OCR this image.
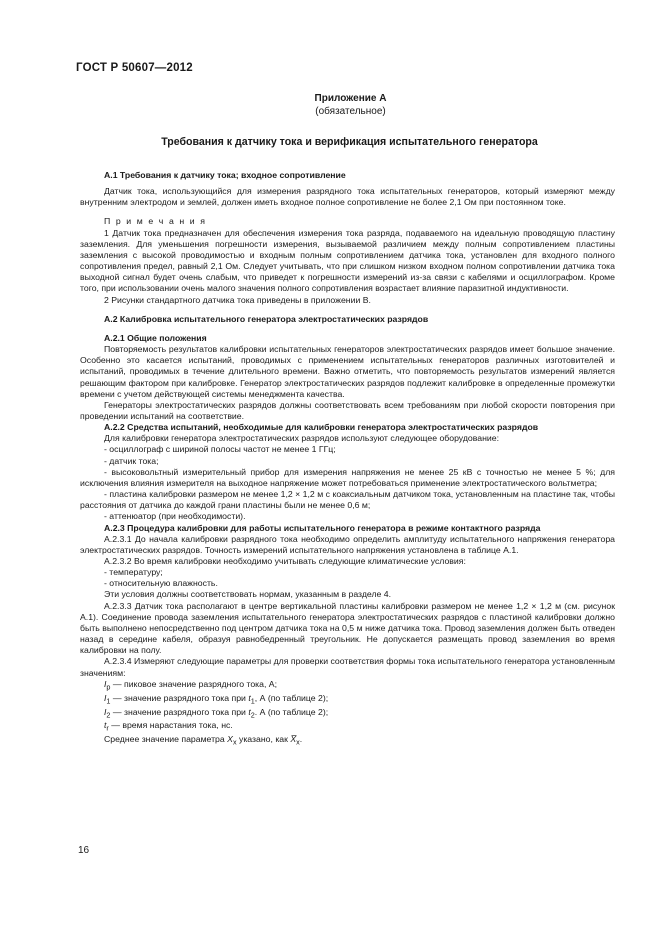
ГОСТ Р 50607—2012
Приложение А
(обязательное)
Требования к датчику тока и верификация испытательного генератора

А.1 Требования к датчику тока; входное сопротивление

Датчик тока, использующийся для измерения разрядного тока испытательных генераторов, который измеряют между внутренним электродом и землей, должен иметь входное полное сопротивление не более 2,1 Ом при постоянном токе.

П р и м е ч а н и я

1 Датчик тока предназначен для обеспечения измерения тока разряда, подаваемого на идеальную проводящую пластину заземления. Для уменьшения погрешности измерения, вызываемой различием между полным сопротивлением пластины заземления с высокой проводимостью и входным полным сопротивлением датчика тока, установлен для входного полного сопротивления предел, равный 2,1 Ом. Следует учитывать, что при слишком низком входном полном сопротивлении датчика тока выходной сигнал будет очень слабым, что приведет к погрешности измерений из-за связи с кабелями и осциллографом. Кроме того, при использовании очень малого значения полного сопротивления возрастает влияние паразитной индуктивности.

2 Рисунки стандартного датчика тока приведены в приложении В.

А.2 Калибровка испытательного генератора электростатических разрядов

А.2.1 Общие положения

Повторяемость результатов калибровки испытательных генераторов электростатических разрядов имеет большое значение. Особенно это касается испытаний, проводимых с применением испытательных генераторов различных изготовителей и испытаний, проводимых в течение длительного времени. Важно отметить, что повторяемость результатов измерений является решающим фактором при калибровке. Генератор электростатических разрядов подлежит калибровке в определенные промежутки времени с учетом действующей системы менеджмента качества.

Генераторы электростатических разрядов должны соответствовать всем требованиям при любой скорости повторения при проведении испытаний на соответствие.

А.2.2 Средства испытаний, необходимые для калибровки генератора электростатических разрядов

Для калибровки генератора электростатических разрядов используют следующее оборудование:

- осциллограф с шириной полосы частот не менее 1 ГГц;

- датчик тока;

- высоковольтный измерительный прибор для измерения напряжения не менее 25 кВ с точностью не менее 5 %; для исключения влияния измерителя на выходное напряжение может потребоваться применение электростатического вольтметра;

- пластина калибровки размером не менее 1,2 × 1,2 м с коаксиальным датчиком тока, установленным на пластине так, чтобы расстояния от датчика до каждой грани пластины были не менее 0,6 м;

- аттенюатор (при необходимости).

А.2.3 Процедура калибровки для работы испытательного генератора в режиме контактного разряда

А.2.3.1 До начала калибровки разрядного тока необходимо определить амплитуду испытательного напряжения генератора электростатических разрядов. Точность измерений испытательного напряжения установлена в таблице А.1.

А.2.3.2 Во время калибровки необходимо учитывать следующие климатические условия:

- температуру;

- относительную влажность.

Эти условия должны соответствовать нормам, указанным в разделе 4.

А.2.3.3 Датчик тока располагают в центре вертикальной пластины калибровки размером не менее 1,2 × 1,2 м (см. рисунок А.1). Соединение провода заземления испытательного генератора электростатических разрядов с пластиной калибровки должно быть выполнено непосредственно под центром датчика тока на 0,5 м ниже датчика тока. Провод заземления должен быть отведен назад в середине кабеля, образуя равнобедренный треугольник. Не допускается размещать провод заземления во время калибровки на полу.

А.2.3.4 Измеряют следующие параметры для проверки соответствия формы тока испытательного генератора установленным значениям:

$I_p$ — пиковое значение разрядного тока, А;

$I_1$ — значение разрядного тока при $t_1$, А (по таблице 2);

$I_2$ — значение разрядного тока при $t_2$. А (по таблице 2);

$t_r$ — время нарастания тока, нс.

Среднее значение параметра $X_x$ указано, как $X̅_x$.

16
